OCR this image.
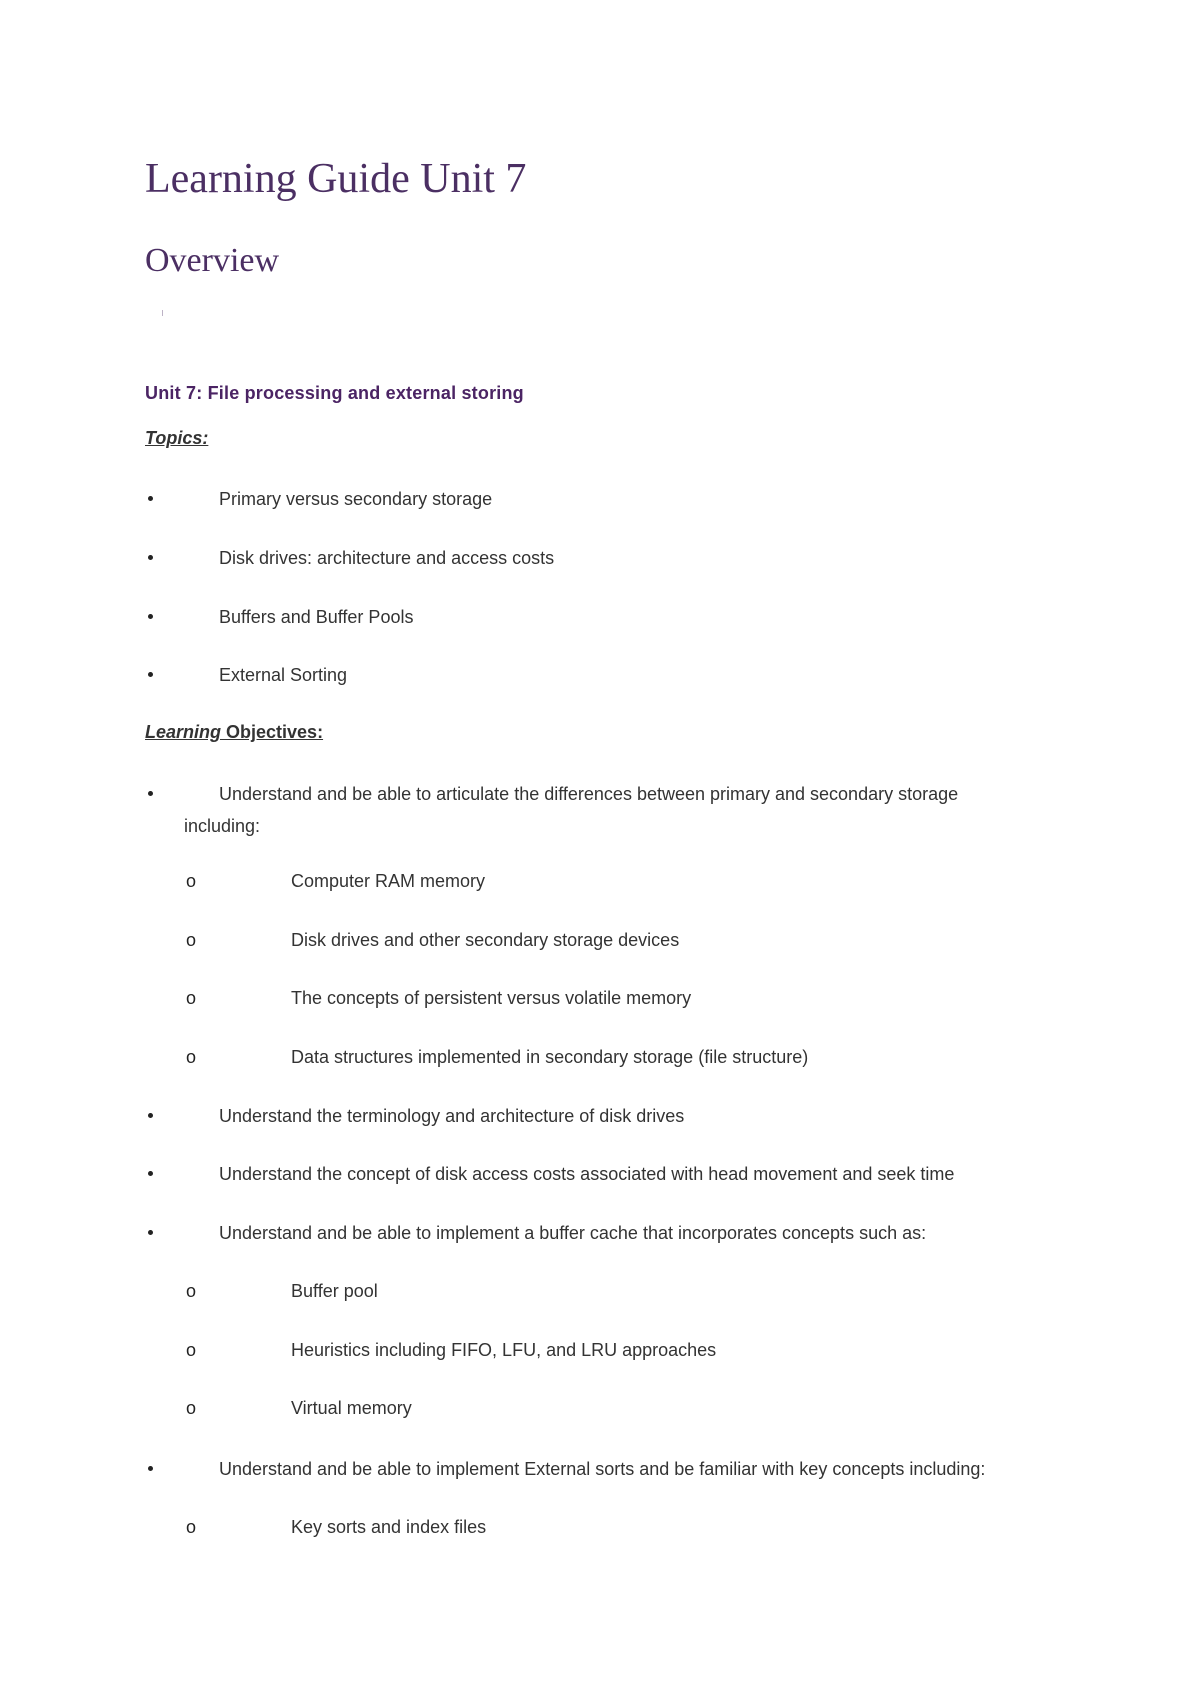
Learning Guide Unit 7
Overview
Unit 7: File processing and external storing
Topics:
Primary versus secondary storage
Disk drives: architecture and access costs
Buffers and Buffer Pools
External Sorting
Learning Objectives:
Understand and be able to articulate the differences between primary and secondary storage
including:
o	Computer RAM memory
o	Disk drives and other secondary storage devices
o	The concepts of persistent versus volatile memory
o	Data structures implemented in secondary storage (file structure)
Understand the terminology and architecture of disk drives
Understand the concept of disk access costs associated with head movement and seek time
Understand and be able to implement a buffer cache that incorporates concepts such as:
o	Buffer pool
o	Heuristics including FIFO, LFU, and LRU approaches
o	Virtual memory
Understand and be able to implement External sorts and be familiar with key concepts including:
o	Key sorts and index files
